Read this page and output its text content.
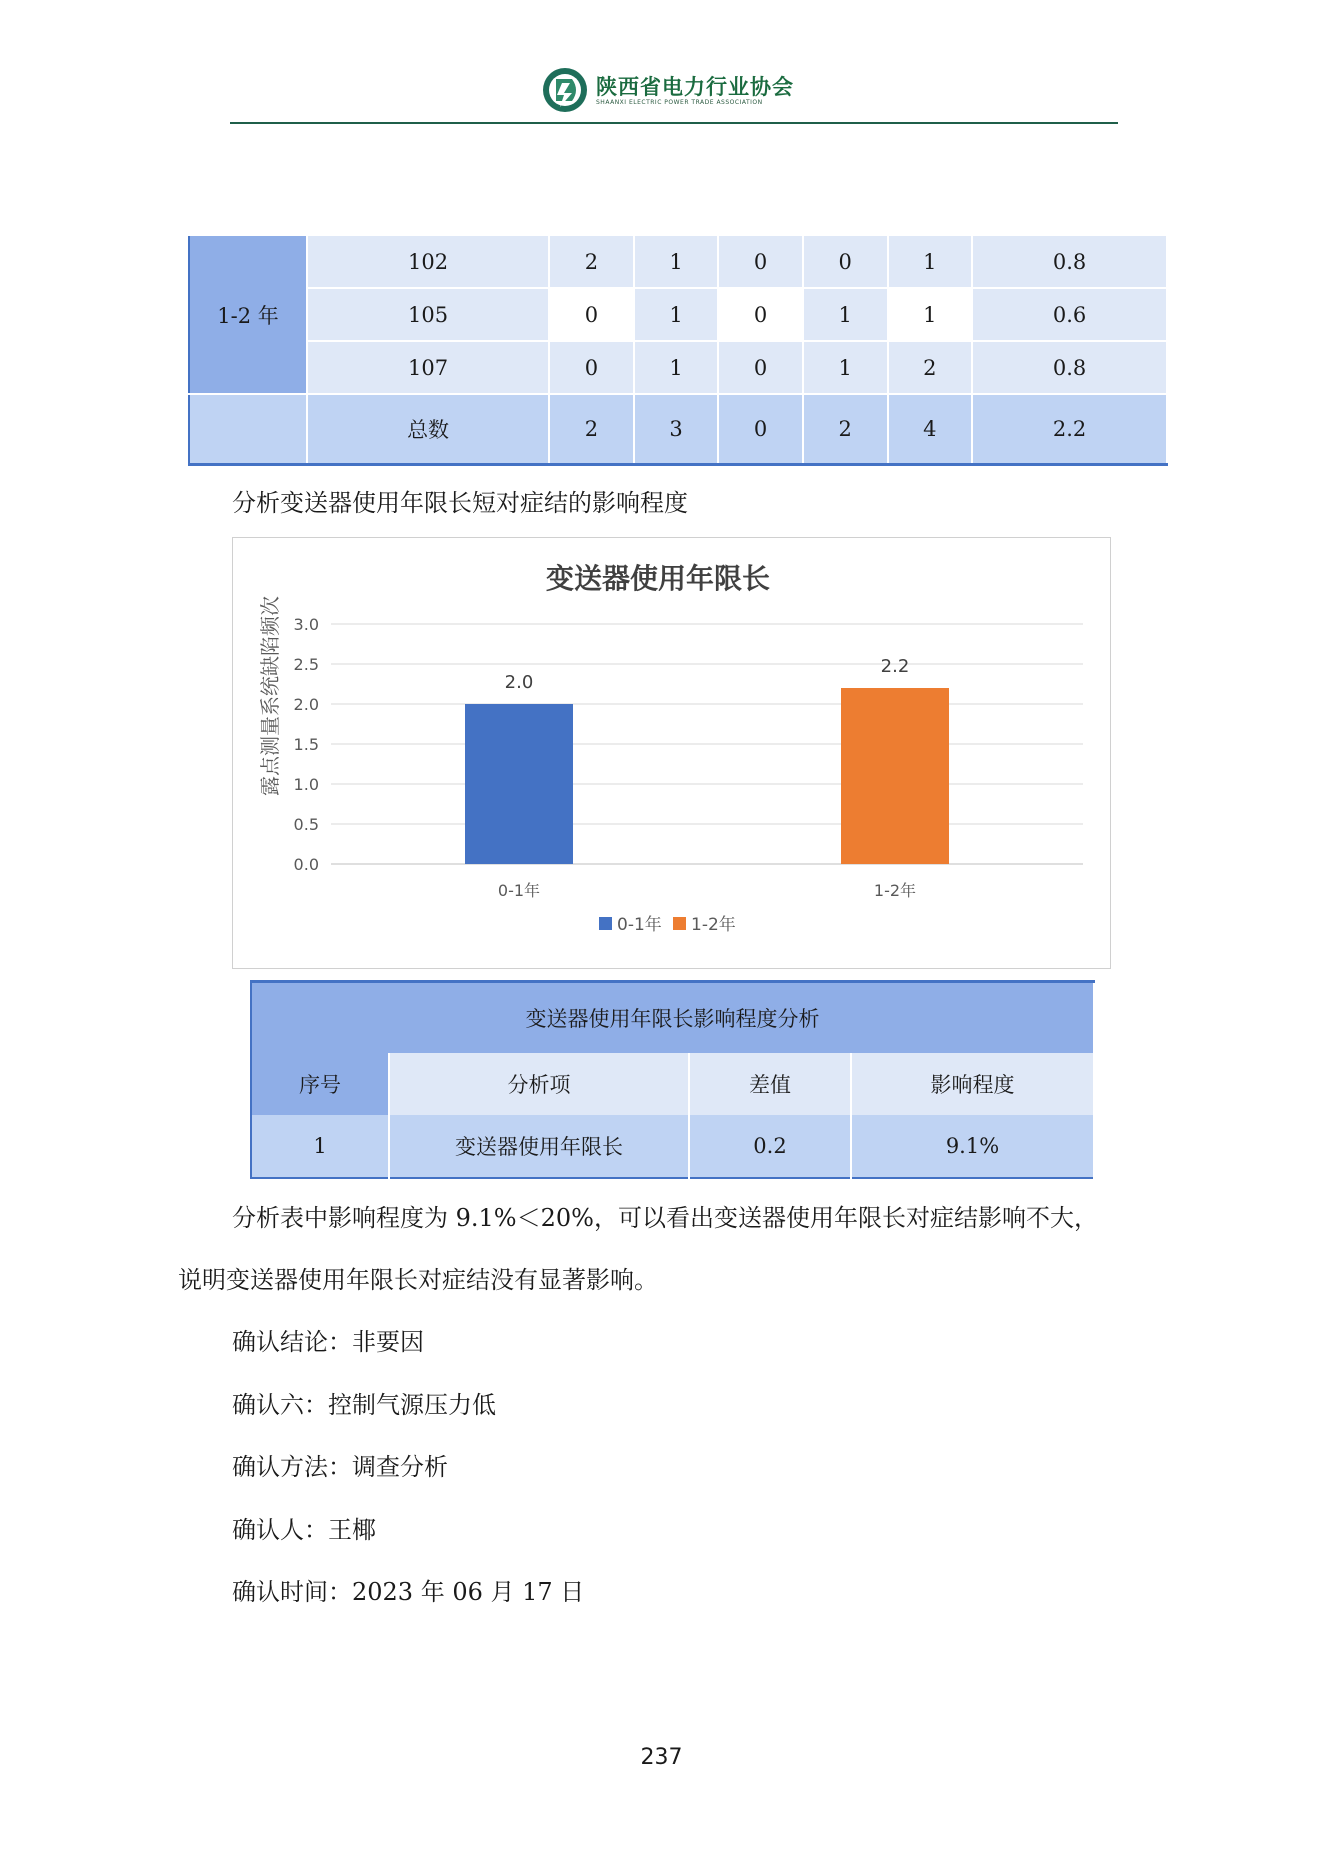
陕西省电力行业协会
SHAANXI ELECTRIC POWER TRADE ASSOCIATION
1-2 年	102	2	1	0	0	1	0.8
	105	0	1	0	1	1	0.6
	107	0	1	0	1	2	0.8
	总数	2	3	0	2	4	2.2
分析变送器使用年限长短对症结的影响程度
变送器使用年限长
露点测量系统缺陷频次
0.0
0.5
1.0
1.5
2.0
2.5
3.0
2.0
0-1年
2.2
1-2年
0-1年 1-2年
变送器使用年限长影响程度分析			
序号	分析项	差值	影响程度
1	变送器使用年限长	0.2	9.1%
分析表中影响程度为 9.1%＜20%，可以看出变送器使用年限长对症结影响不大，
说明变送器使用年限长对症结没有显著影响。
确认结论：非要因
确认六：控制气源压力低
确认方法：调查分析
确认人：王椰
确认时间：2023 年 06 月 17 日
237
